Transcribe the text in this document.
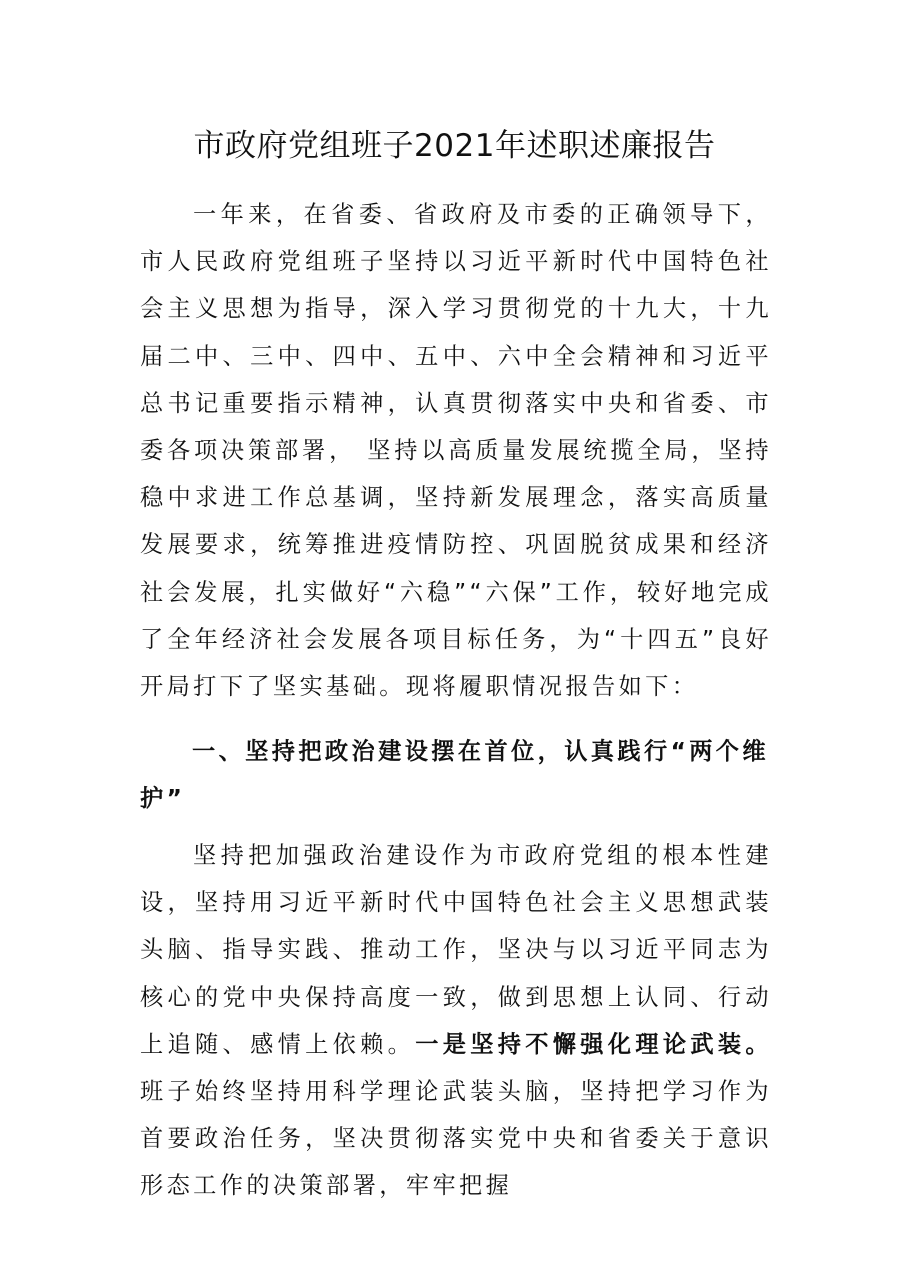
市政府党组班子2021年述职述廉报告

一年来，在省委、省政府及市委的正确领导下，市人民政府党组班子坚持以习近平新时代中国特色社会主义思想为指导，深入学习贯彻党的十九大，十九届二中、三中、四中、五中、六中全会精神和习近平总书记重要指示精神，认真贯彻落实中央和省委、市委各项决策部署， 坚持以高质量发展统揽全局，坚持稳中求进工作总基调，坚持新发展理念，落实高质量发展要求，统筹推进疫情防控、巩固脱贫成果和经济社会发展，扎实做好“六稳”“六保”工作，较好地完成了全年经济社会发展各项目标任务，为“十四五”良好开局打下了坚实基础。现将履职情况报告如下：

一、坚持把政治建设摆在首位，认真践行“两个维护”

坚持把加强政治建设作为市政府党组的根本性建设，坚持用习近平新时代中国特色社会主义思想武装头脑、指导实践、推动工作，坚决与以习近平同志为核心的党中央保持高度一致，做到思想上认同、行动上追随、感情上依赖。一是坚持不懈强化理论武装。班子始终坚持用科学理论武装头脑，坚持把学习作为首要政治任务，坚决贯彻落实党中央和省委关于意识形态工作的决策部署，牢牢把握
